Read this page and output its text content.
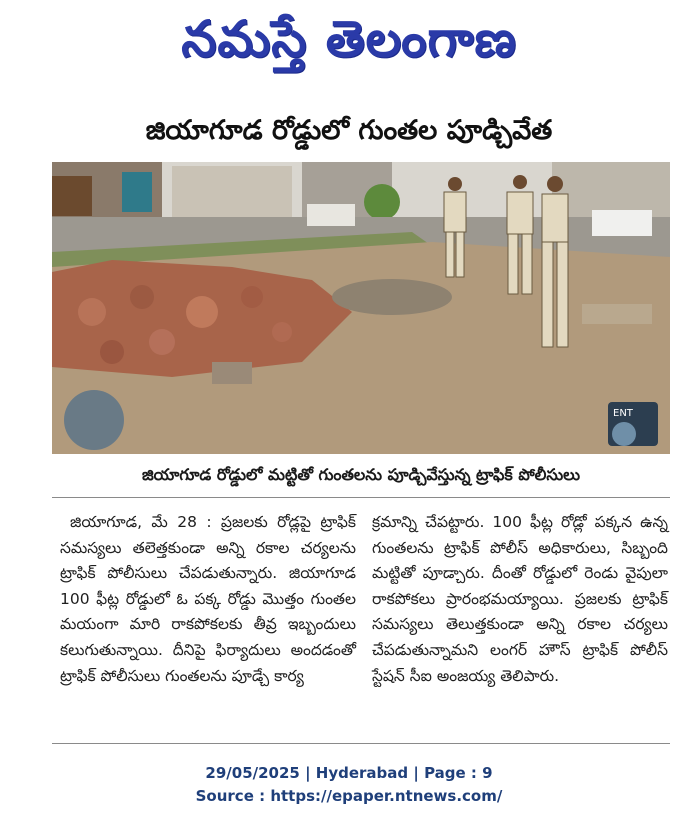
నమస్తే తెలంగాణ
జియాగూడ రోడ్డులో గుంతల పూడ్చివేత
ENT
జియాగూడ రోడ్డులో మట్టితో గుంతలను పూడ్చివేస్తున్న ట్రాఫిక్ పోలీసులు
జియాగూడ, మే 28 : ప్రజలకు రోడ్లపై ట్రాఫిక్ సమస్యలు తలెత్తకుండా అన్ని రకాల చర్యలను ట్రాఫిక్ పోలీసులు చేపడుతున్నారు. జియాగూడ 100 ఫీట్ల రోడ్డులో ఓ పక్క రోడ్డు మొత్తం గుంతల మయంగా మారి రాకపోకలకు తీవ్ర ఇబ్బందులు కలుగుతున్నాయి. దీనిపై ఫిర్యాదులు అందడంతో ట్రాఫిక్ పోలీసులు గుంతలను పూడ్చే కార్య
క్రమాన్ని చేపట్టారు. 100 ఫీట్ల రోడ్లో పక్కన ఉన్న గుంతలను ట్రాఫిక్ పోలీస్ అధికారులు, సిబ్బంది మట్టితో పూడ్చారు. దీంతో రోడ్డులో రెండు వైపులా రాకపోకలు ప్రారంభమయ్యాయి. ప్రజలకు ట్రాఫిక్ సమస్యలు తెలుత్తకుండా అన్ని రకాల చర్యలు చేపడుతున్నామని లంగర్ హౌస్ ట్రాఫిక్ పోలీస్ స్టేషన్ సీఐ అంజయ్య తెలిపారు.
29/05/2025 | Hyderabad | Page : 9
Source : https://epaper.ntnews.com/
